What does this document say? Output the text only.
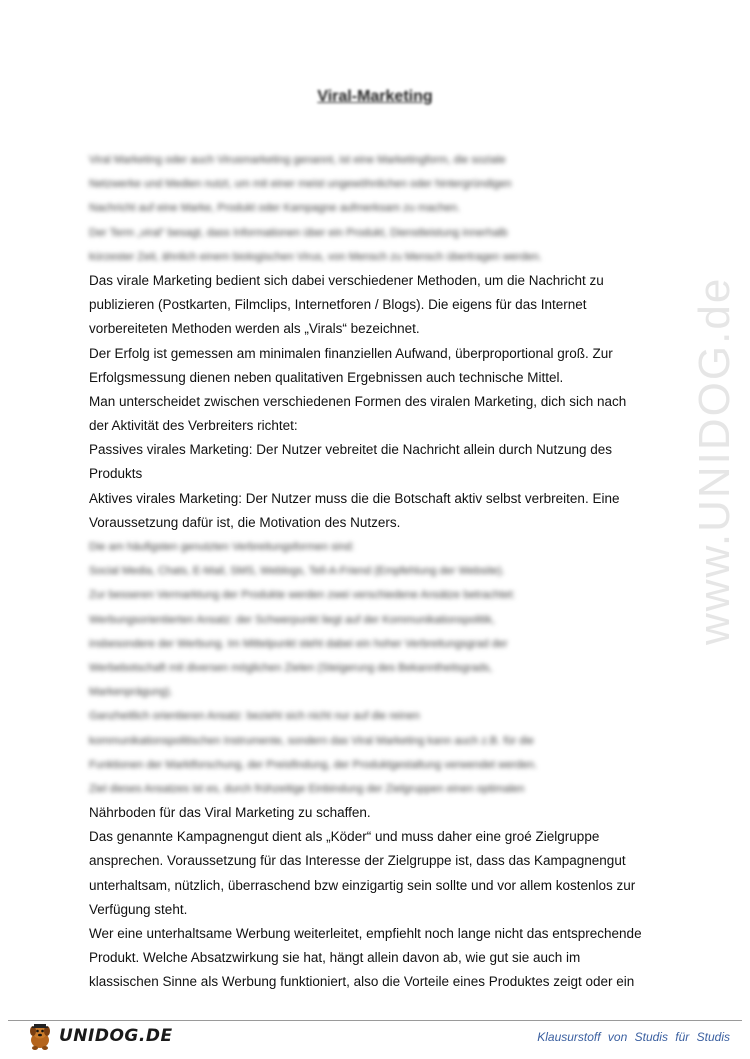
Viral-Marketing
www.UNIDOG.de
Viral Marketing oder auch Virusmarketing genannt, ist eine Marketingform, die soziale
Netzwerke und Medien nutzt, um mit einer meist ungewöhnlichen oder hintergründigen
Nachricht auf eine Marke, Produkt oder Kampagne aufmerksam zu machen.
Der Term „viral“ besagt, dass Informationen über ein Produkt, Dienstleistung innerhalb
kürzester Zeit, ähnlich einem biologischen Virus, von Mensch zu Mensch übertragen werden.
Das virale Marketing bedient sich dabei verschiedener Methoden, um die Nachricht zu
publizieren (Postkarten, Filmclips, Internetforen / Blogs). Die eigens für das Internet
vorbereiteten Methoden werden als „Virals“ bezeichnet.
Der Erfolg ist gemessen am minimalen finanziellen Aufwand, überproportional groß. Zur
Erfolgsmessung dienen neben qualitativen Ergebnissen auch technische Mittel.
Man unterscheidet zwischen verschiedenen Formen des viralen Marketing, dich sich nach
der Aktivität des Verbreiters richtet:
Passives virales Marketing: Der Nutzer vebreitet die Nachricht allein durch Nutzung des
Produkts
Aktives virales Marketing: Der Nutzer muss die die Botschaft aktiv selbst verbreiten. Eine
Voraussetzung dafür ist, die Motivation des Nutzers.
Die am häufigsten genutzten Verbreitungsformen sind:
Social Media, Chats, E-Mail, SMS, Weblogs, Tell-A-Friend (Empfehlung der Website).
Zur besseren Vermarktung der Produkte werden zwei verschiedene Ansätze betrachtet:
Werbungsorientierten Ansatz: der Schwerpunkt liegt auf der Kommunikationspolitik,
insbesondere der Werbung. Im Mittelpunkt steht dabei ein hoher Verbreitungsgrad der
Werbebotschaft mit diversen möglichen Zielen (Steigerung des Bekanntheitsgrads,
Markenprägung).
Ganzheitlich orientieren Ansatz: bezieht sich nicht nur auf die reinen
kommunikationspolitischen Instrumente, sondern das Viral Marketing kann auch z.B. für die
Funktionen der Marktforschung, der Preisfindung, der Produktgestaltung verwendet werden.
Ziel dieses Ansatzes ist es, durch frühzeitige Einbindung der Zielgruppen einen optimalen
Nährboden für das Viral Marketing zu schaffen.
Das genannte Kampagnengut dient als „Köder“ und muss daher eine groé Zielgruppe
ansprechen. Voraussetzung für das Interesse der Zielgruppe ist, dass das Kampagnengut
unterhaltsam, nützlich, überraschend bzw einzigartig sein sollte und vor allem kostenlos zur
Verfügung steht.
Wer eine unterhaltsame Werbung weiterleitet, empfiehlt noch lange nicht das entsprechende
Produkt. Welche Absatzwirkung sie hat, hängt allein davon ab, wie gut sie auch im
klassischen Sinne als Werbung funktioniert, also die Vorteile eines Produktes zeigt oder ein
UNIDOG.DE	Klausurstoff von Studis für Studis
